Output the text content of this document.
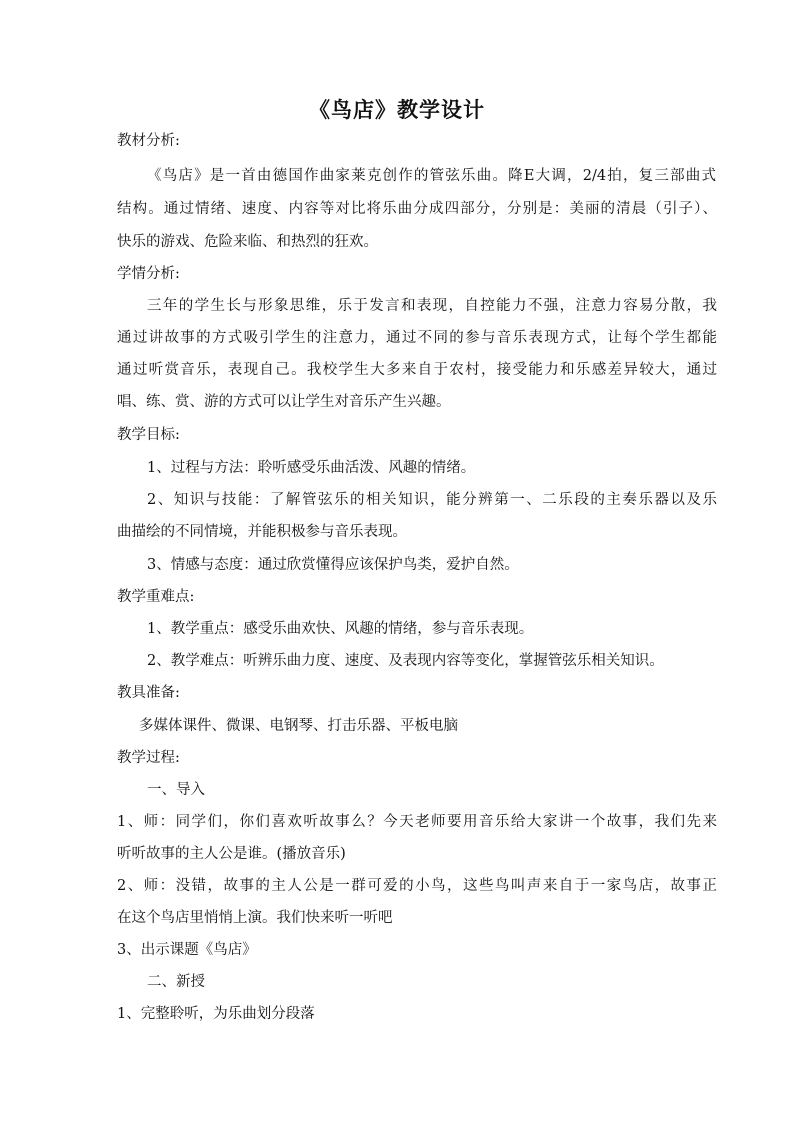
《鸟店》教学设计

教材分析:

《鸟店》是一首由德国作曲家莱克创作的管弦乐曲。降E大调，2/4拍，复三部曲式

结构。通过情绪、速度、内容等对比将乐曲分成四部分，分别是：美丽的清晨（引子）、

快乐的游戏、危险来临、和热烈的狂欢。

学情分析:

三年的学生长与形象思维，乐于发言和表现，自控能力不强，注意力容易分散，我

通过讲故事的方式吸引学生的注意力，通过不同的参与音乐表现方式，让每个学生都能

通过听赏音乐，表现自己。我校学生大多来自于农村，接受能力和乐感差异较大，通过

唱、练、赏、游的方式可以让学生对音乐产生兴趣。

教学目标:

1、过程与方法：聆听感受乐曲活泼、风趣的情绪。

2、知识与技能：了解管弦乐的相关知识，能分辨第一、二乐段的主奏乐器以及乐

曲描绘的不同情境，并能积极参与音乐表现。

3、情感与态度：通过欣赏懂得应该保护鸟类，爱护自然。

教学重难点:

1、教学重点：感受乐曲欢快、风趣的情绪，参与音乐表现。

2、教学难点：听辨乐曲力度、速度、及表现内容等变化，掌握管弦乐相关知识。

教具准备:

多媒体课件、微课、电钢琴、打击乐器、平板电脑

教学过程:

一、导入

1、师：同学们，你们喜欢听故事么？今天老师要用音乐给大家讲一个故事，我们先来

听听故事的主人公是谁。(播放音乐)

2、师：没错，故事的主人公是一群可爱的小鸟，这些鸟叫声来自于一家鸟店，故事正

在这个鸟店里悄悄上演。我们快来听一听吧

3、出示课题《鸟店》

二、新授

1、完整聆听，为乐曲划分段落
